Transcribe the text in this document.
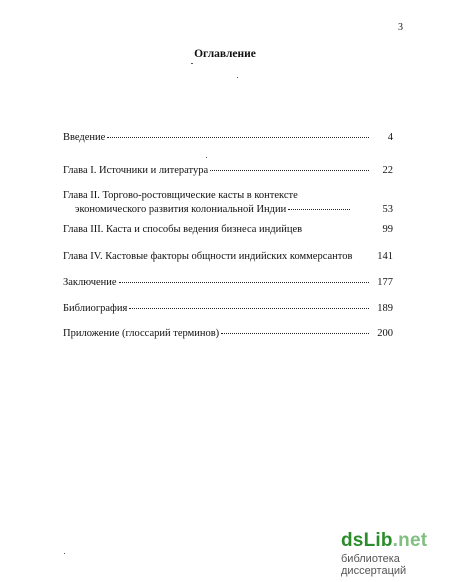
3
Оглавление
Введение	4
Глава I. Источники и литература	22
Глава II. Торгово-ростовщические касты в контексте
экономического развития колониальной Индии	53
Глава III. Каста и способы ведения бизнеса индийцев	99
Глава IV. Кастовые факторы общности индийских коммерсантов	141
Заключение	177
Библиография	189
Приложение (глоссарий терминов)	200
dsLib.net
библиотека диссертаций
